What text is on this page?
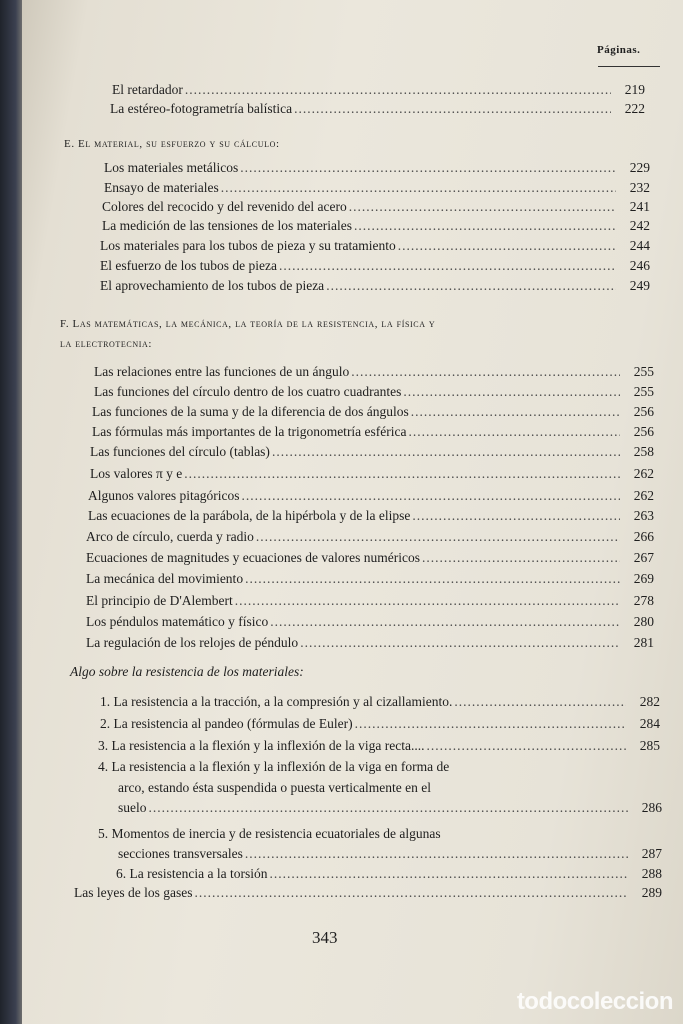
Páginas.
El retardador .....	219
La estéreo-fotogrametría balística .....	222
E. El material, su esfuerzo y su cálculo:
Los materiales metálicos .....	229
Ensayo de materiales .....	232
Colores del recocido y del revenido del acero .....	241
La medición de las tensiones de los materiales .....	242
Los materiales para los tubos de pieza y su tratamiento .....	244
El esfuerzo de los tubos de pieza .....	246
El aprovechamiento de los tubos de pieza .....	249
F. Las matemáticas, la mecánica, la teoría de la resistencia, la física y
la electrotecnia:
Las relaciones entre las funciones de un ángulo .....	255
Las funciones del círculo dentro de los cuatro cuadrantes .....	255
Las funciones de la suma y de la diferencia de dos ángulos .....	256
Las fórmulas más importantes de la trigonometría esférica .....	256
Las funciones del círculo (tablas) .....	258
Los valores π y e .....	262
Algunos valores pitagóricos .....	262
Las ecuaciones de la parábola, de la hipérbola y de la elipse .....	263
Arco de círculo, cuerda y radio .....	266
Ecuaciones de magnitudes y ecuaciones de valores numéricos .....	267
La mecánica del movimiento .....	269
El principio de D'Alembert .....	278
Los péndulos matemático y físico .....	280
La regulación de los relojes de péndulo .....	281
Algo sobre la resistencia de los materiales:
1. La resistencia a la tracción, a la compresión y al cizallamiento. .....	282
2. La resistencia al pandeo (fórmulas de Euler) .....	284
3. La resistencia a la flexión y la inflexión de la viga recta.... .....	285
4. La resistencia a la flexión y la inflexión de la viga en forma de
arco, estando ésta suspendida o puesta verticalmente en el
suelo .....	286
5. Momentos de inercia y de resistencia ecuatoriales de algunas
secciones transversales .....	287
6. La resistencia a la torsión .....	288
Las leyes de los gases .....	289
343
todocoleccion
